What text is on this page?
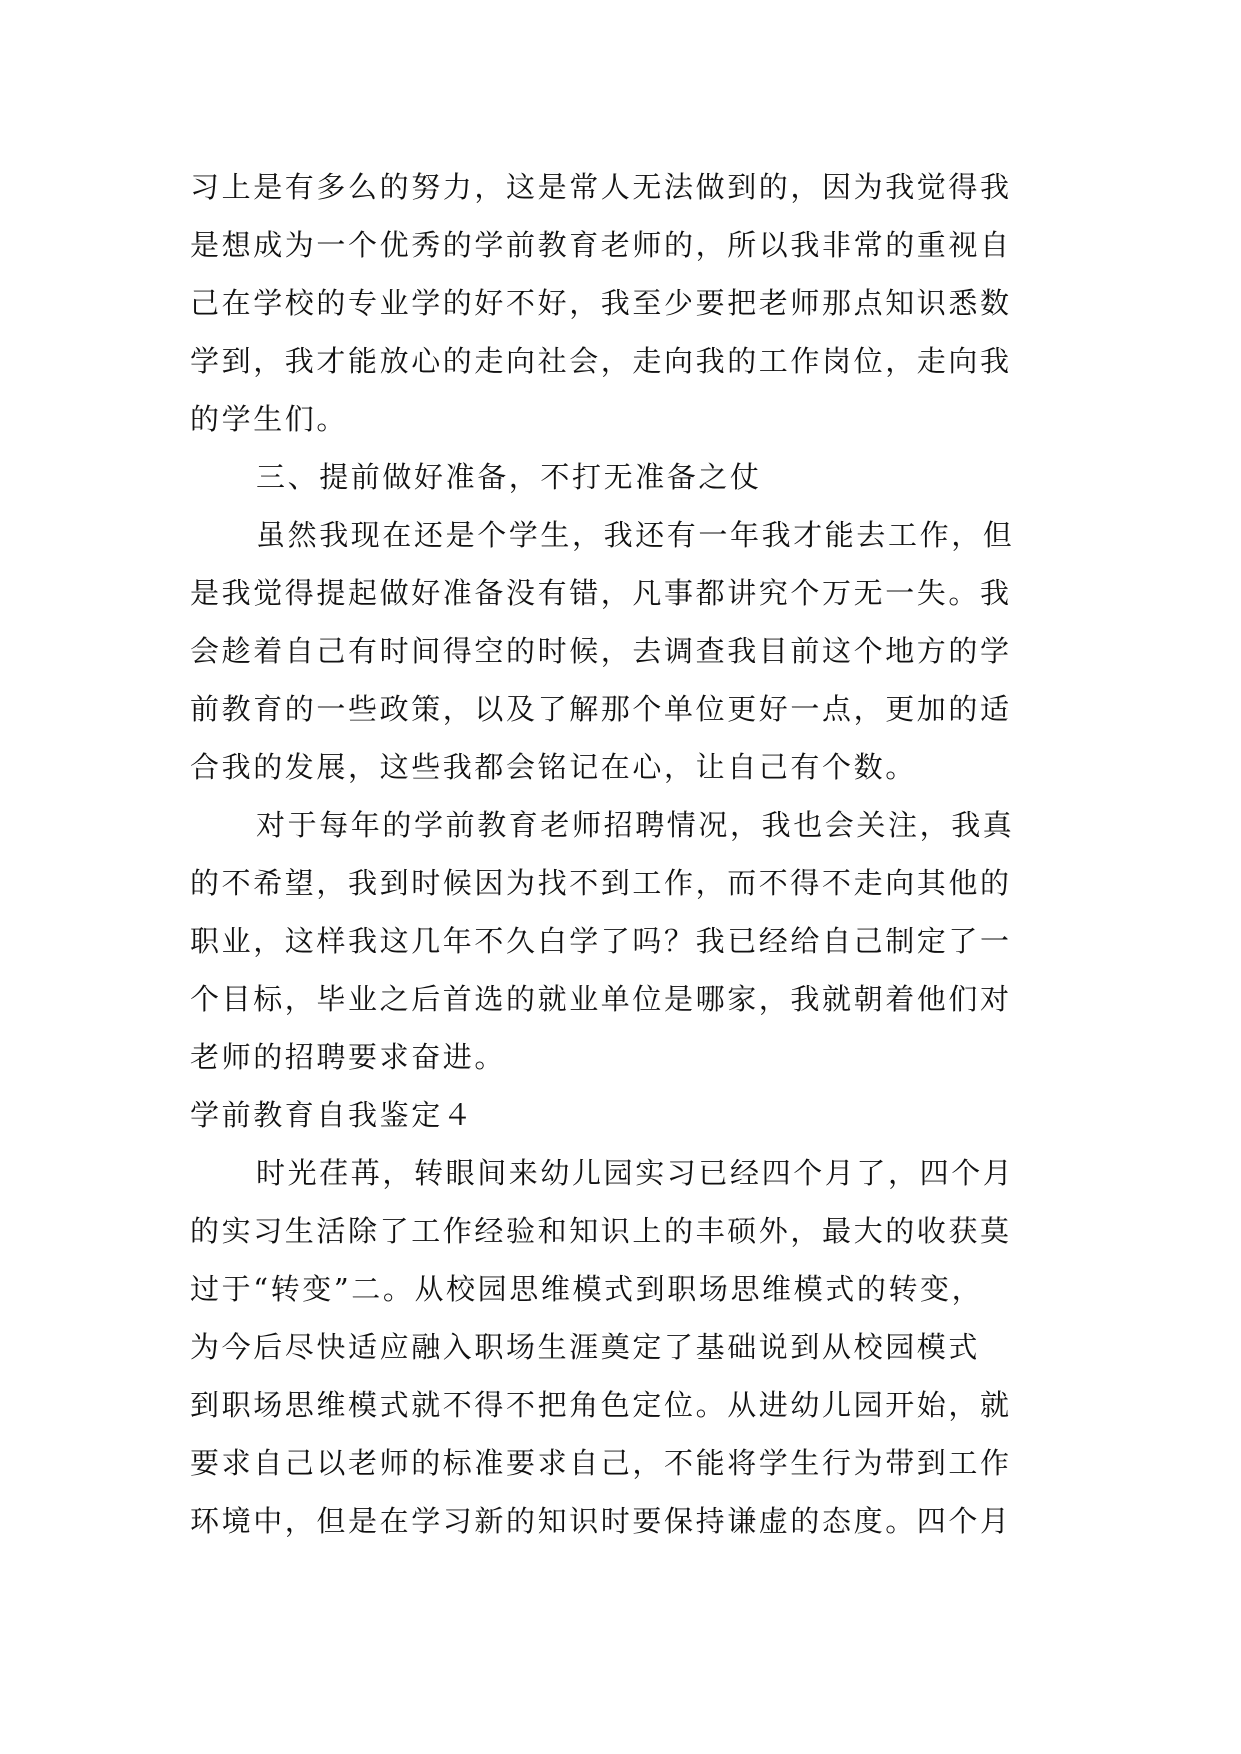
习上是有多么的努力，这是常人无法做到的，因为我觉得我
是想成为一个优秀的学前教育老师的，所以我非常的重视自
己在学校的专业学的好不好，我至少要把老师那点知识悉数
学到，我才能放心的走向社会，走向我的工作岗位，走向我
的学生们。
三、提前做好准备，不打无准备之仗
虽然我现在还是个学生，我还有一年我才能去工作，但
是我觉得提起做好准备没有错，凡事都讲究个万无一失。我
会趁着自己有时间得空的时候，去调查我目前这个地方的学
前教育的一些政策，以及了解那个单位更好一点，更加的适
合我的发展，这些我都会铭记在心，让自己有个数。
对于每年的学前教育老师招聘情况，我也会关注，我真
的不希望，我到时候因为找不到工作，而不得不走向其他的
职业，这样我这几年不久白学了吗？我已经给自己制定了一
个目标，毕业之后首选的就业单位是哪家，我就朝着他们对
老师的招聘要求奋进。
学前教育自我鉴定４
时光荏苒，转眼间来幼儿园实习已经四个月了，四个月
的实习生活除了工作经验和知识上的丰硕外，最大的收获莫
过于“转变”二。从校园思维模式到职场思维模式的转变，
为今后尽快适应融入职场生涯奠定了基础说到从校园模式
到职场思维模式就不得不把角色定位。从进幼儿园开始，就
要求自己以老师的标准要求自己，不能将学生行为带到工作
环境中，但是在学习新的知识时要保持谦虚的态度。四个月
